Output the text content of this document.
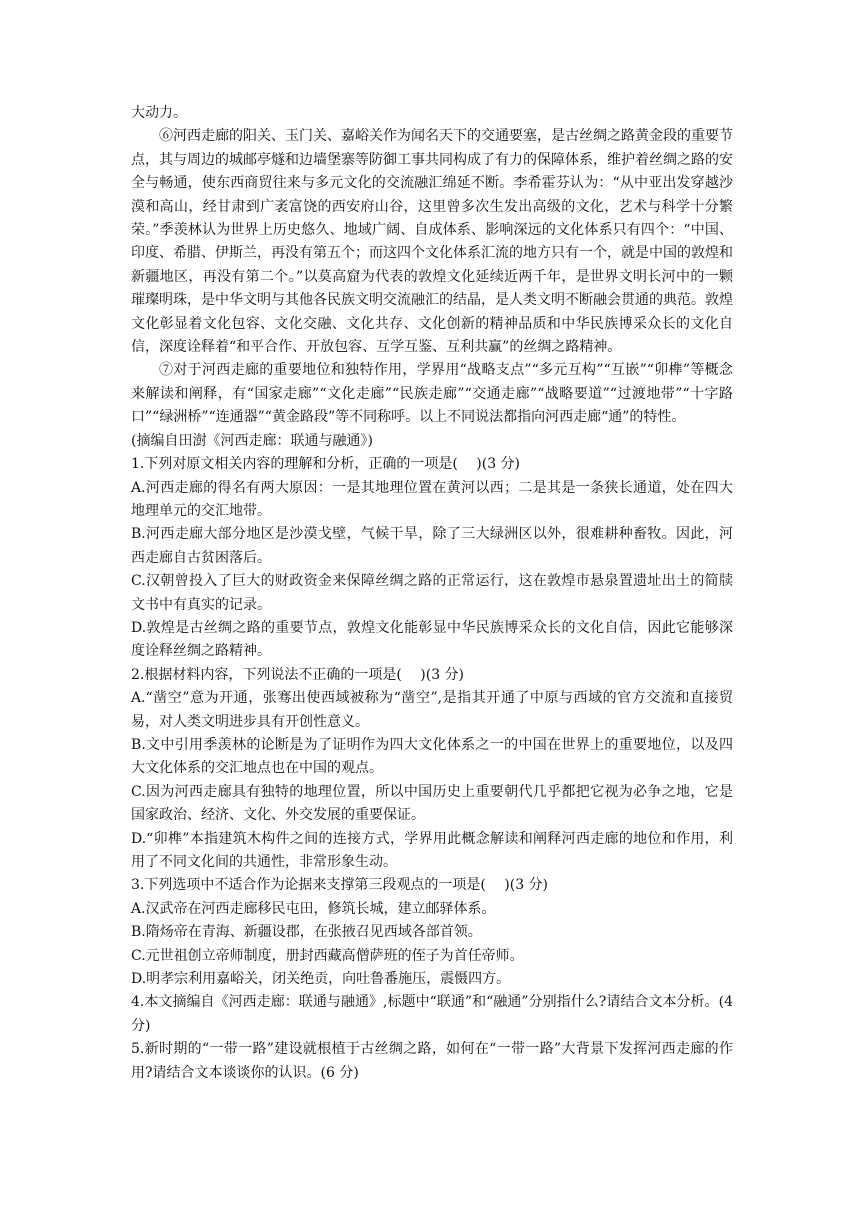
大动力。

⑥河西走廊的阳关、玉门关、嘉峪关作为闻名天下的交通要塞，是古丝绸之路黄金段的重要节点，其与周边的城邮亭燧和边墙堡寨等防御工事共同构成了有力的保障体系，维护着丝绸之路的安全与畅通，使东西商贸往来与多元文化的交流融汇绵延不断。李希霍芬认为：“从中亚出发穿越沙漠和高山，经甘肃到广袤富饶的西安府山谷，这里曾多次生发出高级的文化，艺术与科学十分繁荣。”季羡林认为世界上历史悠久、地域广阔、自成体系、影响深远的文化体系只有四个：“中国、印度、希腊、伊斯兰，再没有第五个；而这四个文化体系汇流的地方只有一个，就是中国的敦煌和新疆地区，再没有第二个。”以莫高窟为代表的敦煌文化延续近两千年，是世界文明长河中的一颗璀璨明珠，是中华文明与其他各民族文明交流融汇的结晶，是人类文明不断融会贯通的典范。敦煌文化彰显着文化包容、文化交融、文化共存、文化创新的精神品质和中华民族博采众长的文化自信，深度诠释着“和平合作、开放包容、互学互鉴、互利共赢”的丝绸之路精神。

⑦对于河西走廊的重要地位和独特作用，学界用“战略支点”“多元互构”“互嵌”“卯榫”等概念来解读和阐释，有“国家走廊”“文化走廊”“民族走廊”“交通走廊”“战略要道”“过渡地带”“十字路口”“绿洲桥”“连通器”“黄金路段”等不同称呼。以上不同说法都指向河西走廊“通”的特性。

(摘编自田澍《河西走廊：联通与融通》)

1.下列对原文相关内容的理解和分析，正确的一项是(　 )(3 分)

A.河西走廊的得名有两大原因：一是其地理位置在黄河以西；二是其是一条狭长通道，处在四大地理单元的交汇地带。

B.河西走廊大部分地区是沙漠戈壁，气候干旱，除了三大绿洲区以外，很难耕种畜牧。因此，河西走廊自古贫困落后。

C.汉朝曾投入了巨大的财政资金来保障丝绸之路的正常运行，这在敦煌市悬泉置遗址出土的简牍文书中有真实的记录。

D.敦煌是古丝绸之路的重要节点，敦煌文化能彰显中华民族博采众长的文化自信，因此它能够深度诠释丝绸之路精神。

2.根据材料内容，下列说法不正确的一项是(　 )(3 分)

A.“凿空”意为开通，张骞出使西域被称为“凿空”,是指其开通了中原与西域的官方交流和直接贸易，对人类文明进步具有开创性意义。

B.文中引用季羡林的论断是为了证明作为四大文化体系之一的中国在世界上的重要地位，以及四大文化体系的交汇地点也在中国的观点。

C.因为河西走廊具有独特的地理位置，所以中国历史上重要朝代几乎都把它视为必争之地，它是国家政治、经济、文化、外交发展的重要保证。

D.“卯榫”本指建筑木构件之间的连接方式，学界用此概念解读和阐释河西走廊的地位和作用，利用了不同文化间的共通性，非常形象生动。

3.下列选项中不适合作为论据来支撑第三段观点的一项是(　 )(3 分)

A.汉武帝在河西走廊移民屯田，修筑长城，建立邮驿体系。

B.隋炀帝在青海、新疆设郡，在张掖召见西域各部首领。

C.元世祖创立帝师制度，册封西藏高僧萨班的侄子为首任帝师。

D.明孝宗利用嘉峪关，闭关绝贡，向吐鲁番施压，震慑四方。

4.本文摘编自《河西走廊：联通与融通》,标题中“联通”和“融通”分别指什么?请结合文本分析。(4 分)

5.新时期的“一带一路”建设就根植于古丝绸之路，如何在“一带一路”大背景下发挥河西走廊的作用?请结合文本谈谈你的认识。(6 分)
